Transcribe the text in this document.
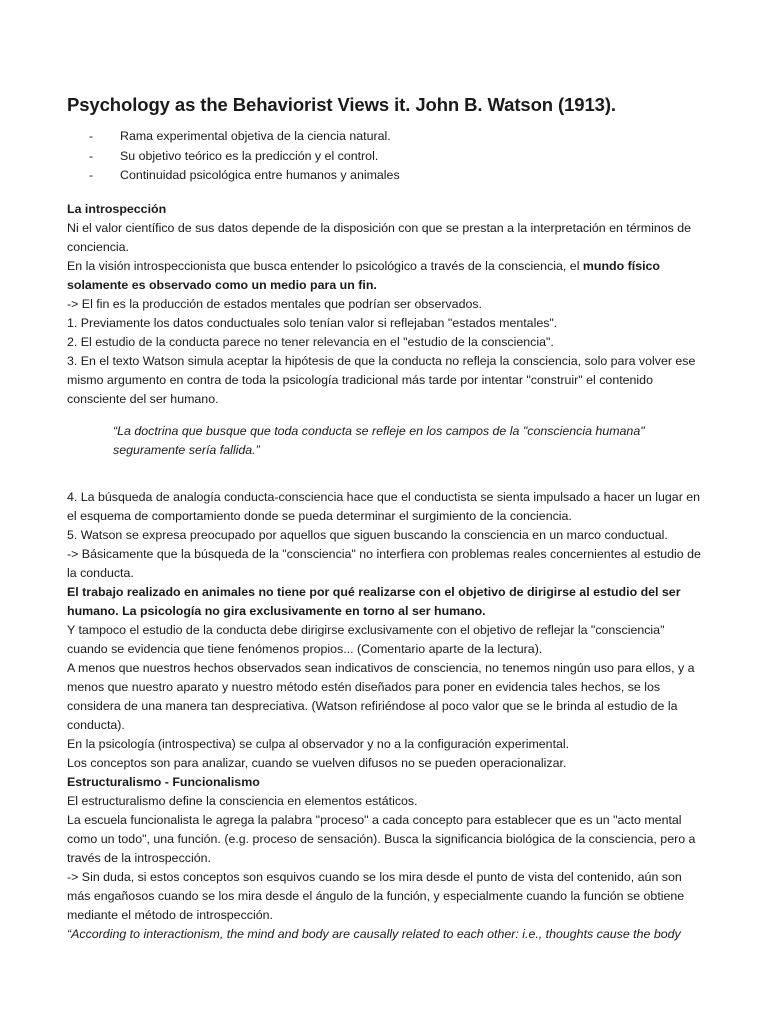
Psychology as the Behaviorist Views it. John B. Watson (1913).
- Rama experimental objetiva de la ciencia natural.
- Su objetivo teórico es la predicción y el control.
- Continuidad psicológica entre humanos y animales

La introspección

Ni el valor científico de sus datos depende de la disposición con que se prestan a la interpretación en términos de conciencia.

En la visión introspeccionista que busca entender lo psicológico a través de la consciencia, el mundo físico solamente es observado como un medio para un fin.

-> El fin es la producción de estados mentales que podrían ser observados.

1. Previamente los datos conductuales solo tenían valor si reflejaban "estados mentales".

2. El estudio de la conducta parece no tener relevancia en el "estudio de la consciencia".

3. En el texto Watson simula aceptar la hipótesis de que la conducta no refleja la consciencia, solo para volver ese mismo argumento en contra de toda la psicología tradicional más tarde por intentar "construir" el contenido consciente del ser humano.

“La doctrina que busque que toda conducta se refleje en los campos de la "consciencia humana" seguramente sería fallida.”

4. La búsqueda de analogía conducta-consciencia hace que el conductista se sienta impulsado a hacer un lugar en el esquema de comportamiento donde se pueda determinar el surgimiento de la conciencia.

5. Watson se expresa preocupado por aquellos que siguen buscando la consciencia en un marco conductual.

-> Básicamente que la búsqueda de la "consciencia" no interfiera con problemas reales concernientes al estudio de la conducta.

El trabajo realizado en animales no tiene por qué realizarse con el objetivo de dirigirse al estudio del ser humano. La psicología no gira exclusivamente en torno al ser humano.

Y tampoco el estudio de la conducta debe dirigirse exclusivamente con el objetivo de reflejar la "consciencia" cuando se evidencia que tiene fenómenos propios... (Comentario aparte de la lectura).

A menos que nuestros hechos observados sean indicativos de consciencia, no tenemos ningún uso para ellos, y a menos que nuestro aparato y nuestro método estén diseñados para poner en evidencia tales hechos, se los considera de una manera tan despreciativa. (Watson refiriéndose al poco valor que se le brinda al estudio de la conducta).

En la psicología (introspectiva) se culpa al observador y no a la configuración experimental.

Los conceptos son para analizar, cuando se vuelven difusos no se pueden operacionalizar.

Estructuralismo - Funcionalismo

El estructuralismo define la consciencia en elementos estáticos.

La escuela funcionalista le agrega la palabra "proceso" a cada concepto para establecer que es un "acto mental como un todo", una función. (e.g. proceso de sensación). Busca la significancia biológica de la consciencia, pero a través de la introspección.

-> Sin duda, si estos conceptos son esquivos cuando se los mira desde el punto de vista del contenido, aún son más engañosos cuando se los mira desde el ángulo de la función, y especialmente cuando la función se obtiene mediante el método de introspección.

“According to interactionism, the mind and body are causally related to each other: i.e., thoughts cause the body
